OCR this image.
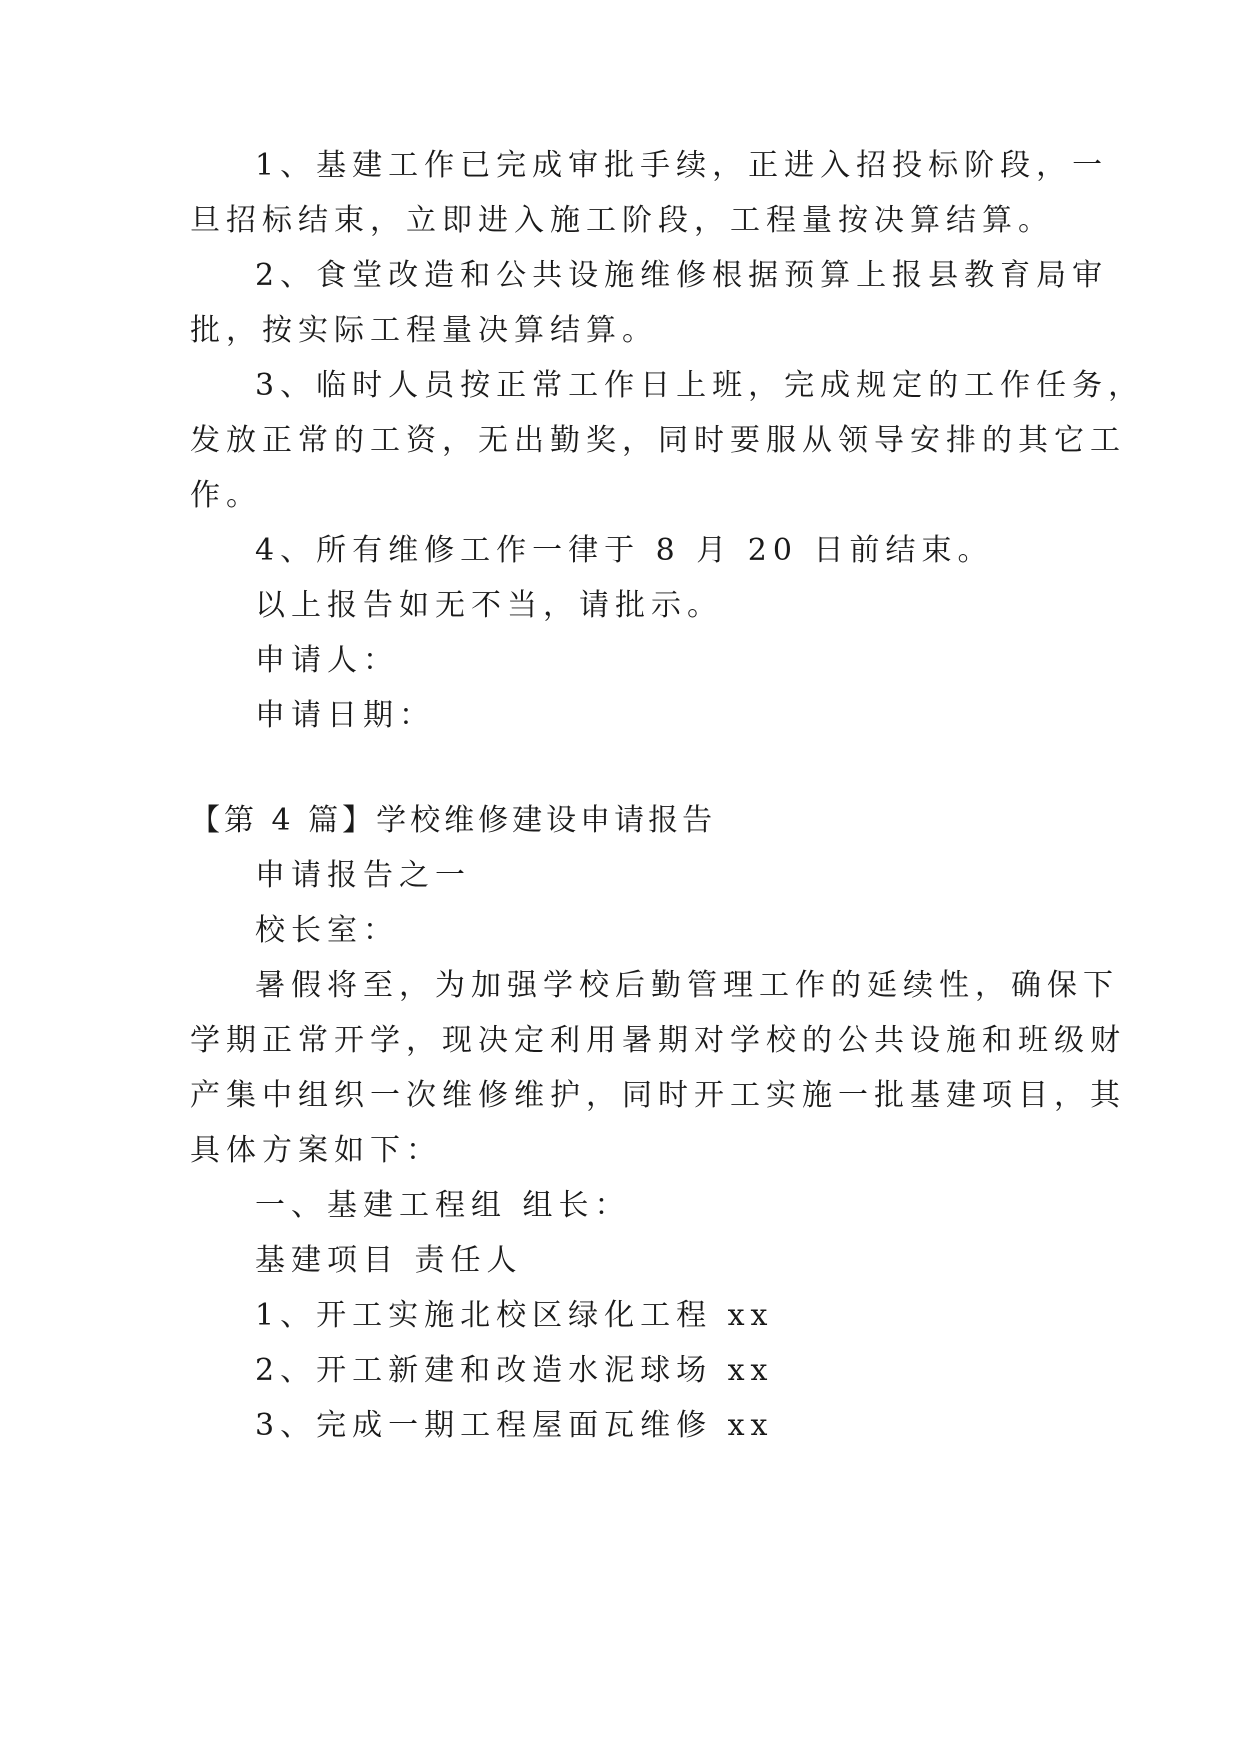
1、基建工作已完成审批手续，正进入招投标阶段，一
旦招标结束，立即进入施工阶段，工程量按决算结算。
2、食堂改造和公共设施维修根据预算上报县教育局审
批，按实际工程量决算结算。
3、临时人员按正常工作日上班，完成规定的工作任务，
发放正常的工资，无出勤奖，同时要服从领导安排的其它工
作。
4、所有维修工作一律于 8 月 20 日前结束。
以上报告如无不当，请批示。
申请人：
申请日期：
【第 4 篇】学校维修建设申请报告
申请报告之一
校长室：
暑假将至，为加强学校后勤管理工作的延续性，确保下
学期正常开学，现决定利用暑期对学校的公共设施和班级财
产集中组织一次维修维护，同时开工实施一批基建项目，其
具体方案如下：
一、基建工程组 组长：
基建项目 责任人
1、开工实施北校区绿化工程 xx
2、开工新建和改造水泥球场 xx
3、完成一期工程屋面瓦维修 xx
